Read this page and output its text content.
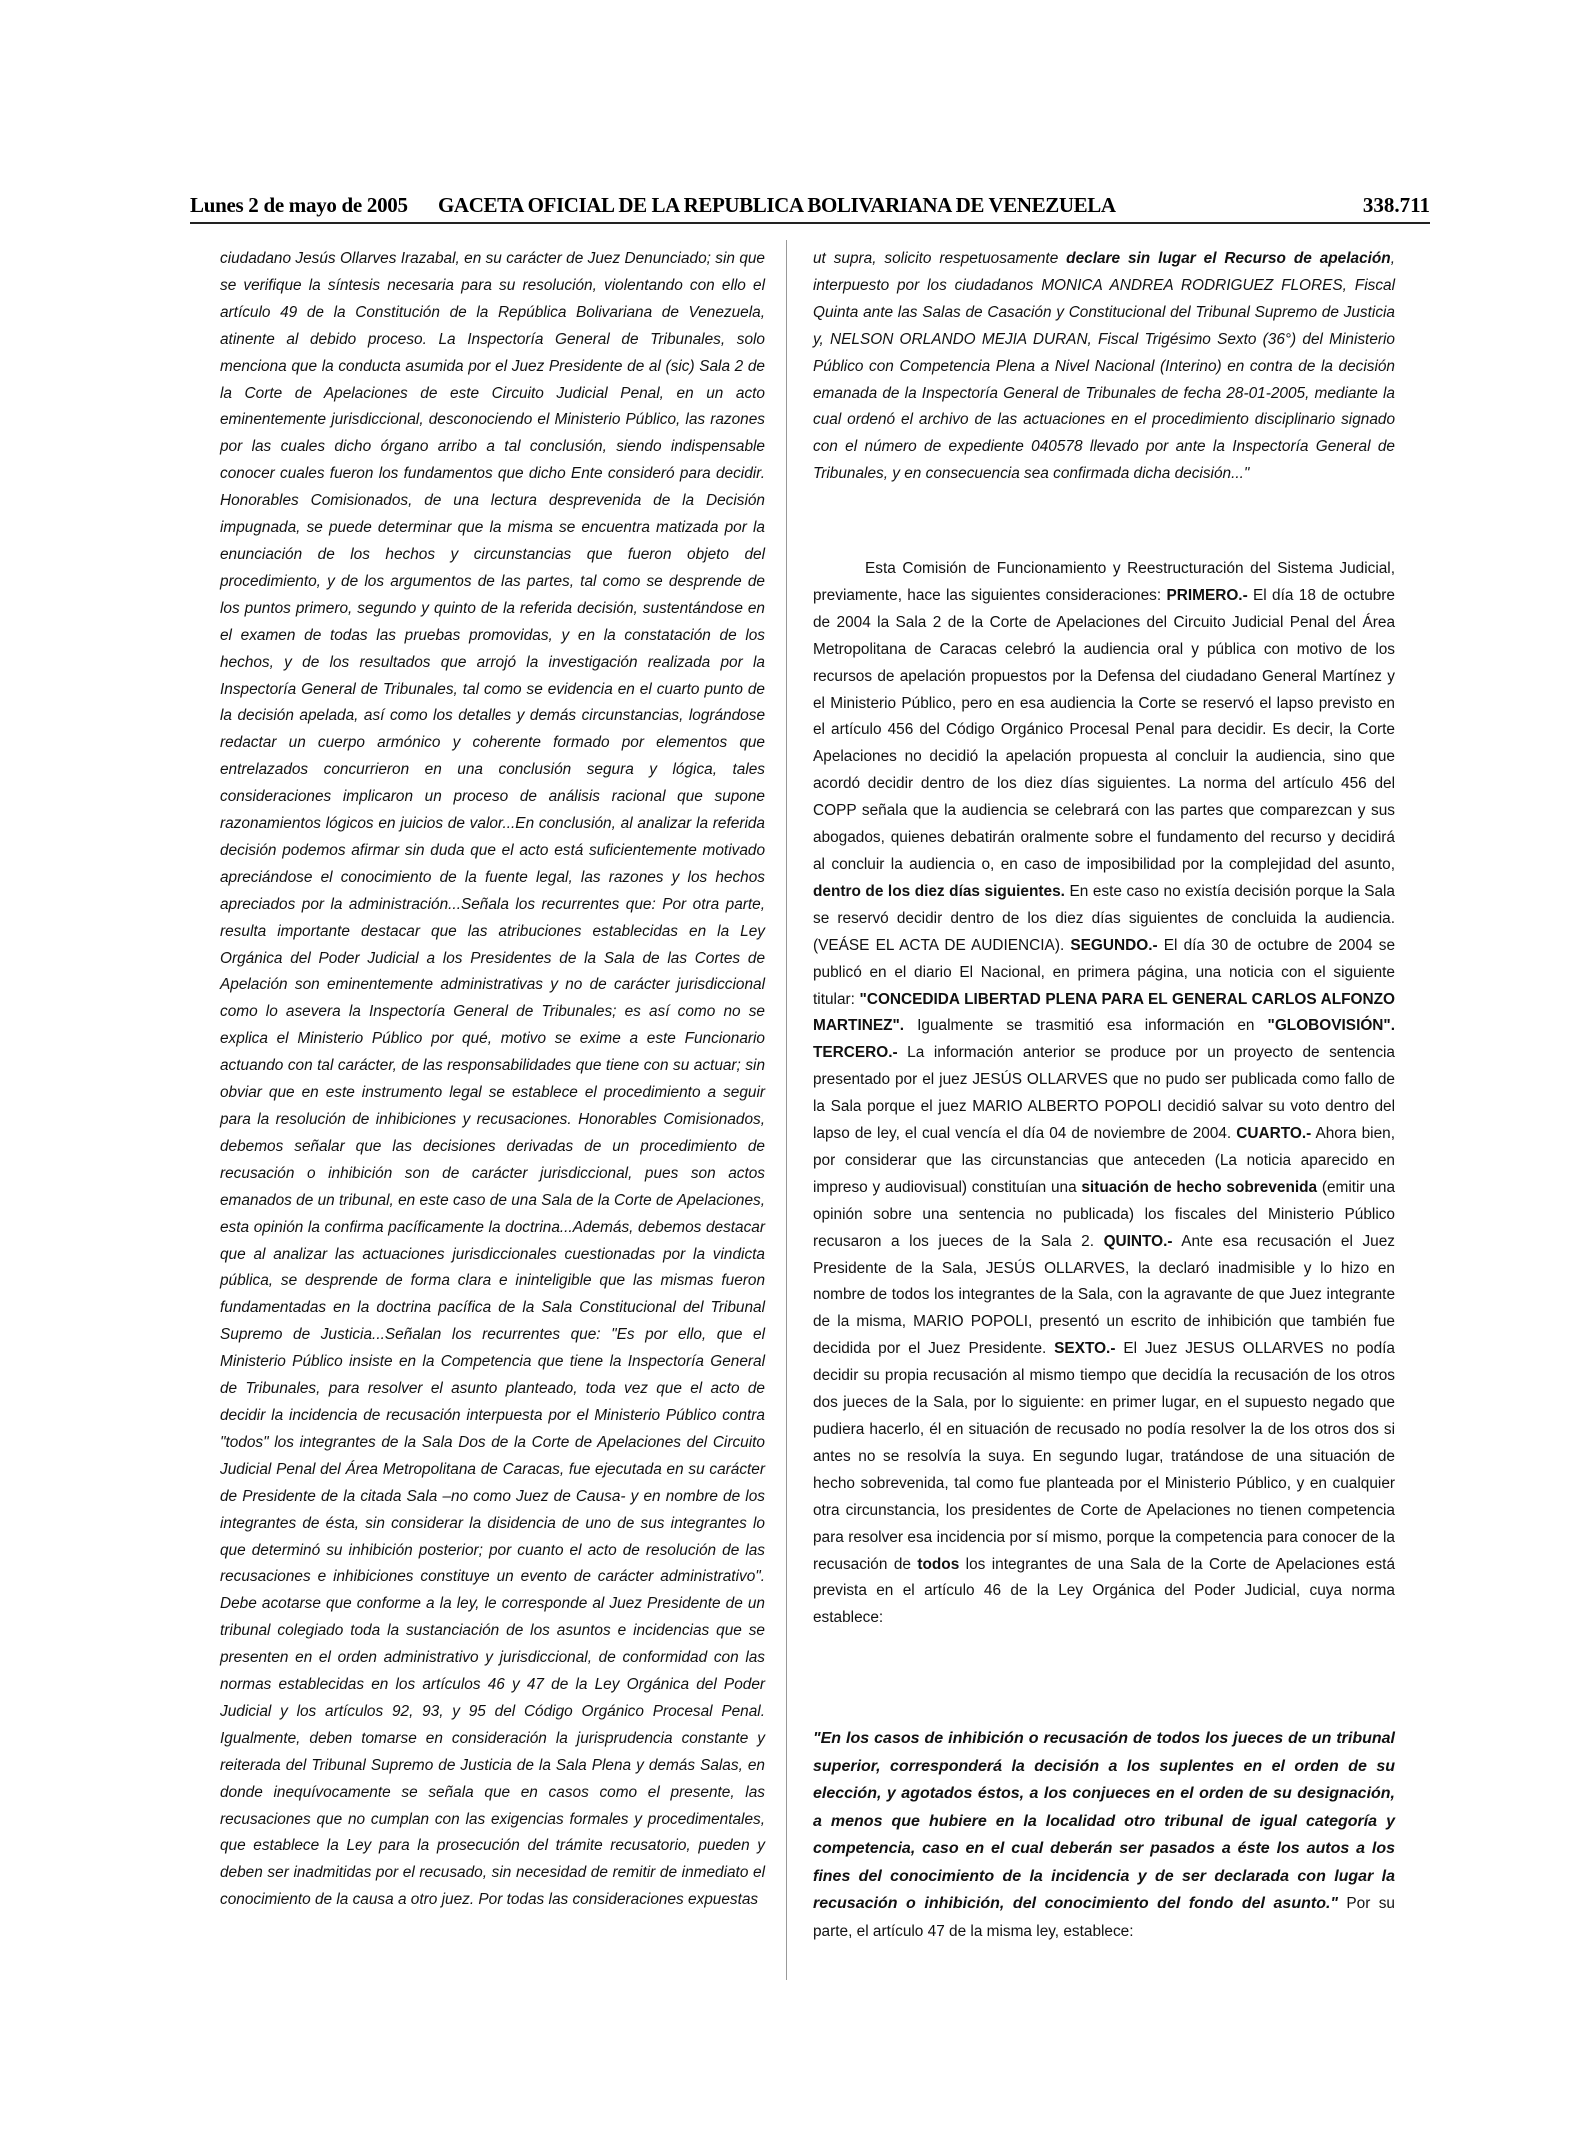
Lunes 2 de mayo de 2005 GACETA OFICIAL DE LA REPUBLICA BOLIVARIANA DE VENEZUELA	338.711

ciudadano Jesús Ollarves Irazabal, en su carácter de Juez Denunciado; sin que se verifique la síntesis necesaria para su resolución, violentando con ello el artículo 49 de la Constitución de la República Bolivariana de Venezuela, atinente al debido proceso. La Inspectoría General de Tribunales, solo menciona que la conducta asumida por el Juez Presidente de al (sic) Sala 2 de la Corte de Apelaciones de este Circuito Judicial Penal, en un acto eminentemente jurisdiccional, desconociendo el Ministerio Público, las razones por las cuales dicho órgano arribo a tal conclusión, siendo indispensable conocer cuales fueron los fundamentos que dicho Ente consideró para decidir. Honorables Comisionados, de una lectura desprevenida de la Decisión impugnada, se puede determinar que la misma se encuentra matizada por la enunciación de los hechos y circunstancias que fueron objeto del procedimiento, y de los argumentos de las partes, tal como se desprende de los puntos primero, segundo y quinto de la referida decisión, sustentándose en el examen de todas las pruebas promovidas, y en la constatación de los hechos, y de los resultados que arrojó la investigación realizada por la Inspectoría General de Tribunales, tal como se evidencia en el cuarto punto de la decisión apelada, así como los detalles y demás circunstancias, lográndose redactar un cuerpo armónico y coherente formado por elementos que entrelazados concurrieron en una conclusión segura y lógica, tales consideraciones implicaron un proceso de análisis racional que supone razonamientos lógicos en juicios de valor...En conclusión, al analizar la referida decisión podemos afirmar sin duda que el acto está suficientemente motivado apreciándose el conocimiento de la fuente legal, las razones y los hechos apreciados por la administración...Señala los recurrentes que: Por otra parte, resulta importante destacar que las atribuciones establecidas en la Ley Orgánica del Poder Judicial a los Presidentes de la Sala de las Cortes de Apelación son eminentemente administrativas y no de carácter jurisdiccional como lo asevera la Inspectoría General de Tribunales; es así como no se explica el Ministerio Público por qué, motivo se exime a este Funcionario actuando con tal carácter, de las responsabilidades que tiene con su actuar; sin obviar que en este instrumento legal se establece el procedimiento a seguir para la resolución de inhibiciones y recusaciones. Honorables Comisionados, debemos señalar que las decisiones derivadas de un procedimiento de recusación o inhibición son de carácter jurisdiccional, pues son actos emanados de un tribunal, en este caso de una Sala de la Corte de Apelaciones, esta opinión la confirma pacíficamente la doctrina...Además, debemos destacar que al analizar las actuaciones jurisdiccionales cuestionadas por la vindicta pública, se desprende de forma clara e ininteligible que las mismas fueron fundamentadas en la doctrina pacífica de la Sala Constitucional del Tribunal Supremo de Justicia...Señalan los recurrentes que: "Es por ello, que el Ministerio Público insiste en la Competencia que tiene la Inspectoría General de Tribunales, para resolver el asunto planteado, toda vez que el acto de decidir la incidencia de recusación interpuesta por el Ministerio Público contra "todos" los integrantes de la Sala Dos de la Corte de Apelaciones del Circuito Judicial Penal del Área Metropolitana de Caracas, fue ejecutada en su carácter de Presidente de la citada Sala –no como Juez de Causa- y en nombre de los integrantes de ésta, sin considerar la disidencia de uno de sus integrantes lo que determinó su inhibición posterior; por cuanto el acto de resolución de las recusaciones e inhibiciones constituye un evento de carácter administrativo". Debe acotarse que conforme a la ley, le corresponde al Juez Presidente de un tribunal colegiado toda la sustanciación de los asuntos e incidencias que se presenten en el orden administrativo y jurisdiccional, de conformidad con las normas establecidas en los artículos 46 y 47 de la Ley Orgánica del Poder Judicial y los artículos 92, 93, y 95 del Código Orgánico Procesal Penal. Igualmente, deben tomarse en consideración la jurisprudencia constante y reiterada del Tribunal Supremo de Justicia de la Sala Plena y demás Salas, en donde inequívocamente se señala que en casos como el presente, las recusaciones que no cumplan con las exigencias formales y procedimentales, que establece la Ley para la prosecución del trámite recusatorio, pueden y deben ser inadmitidas por el recusado, sin necesidad de remitir de inmediato el conocimiento de la causa a otro juez. Por todas las consideraciones expuestas

ut supra, solicito respetuosamente declare sin lugar el Recurso de apelación, interpuesto por los ciudadanos MONICA ANDREA RODRIGUEZ FLORES, Fiscal Quinta ante las Salas de Casación y Constitucional del Tribunal Supremo de Justicia y, NELSON ORLANDO MEJIA DURAN, Fiscal Trigésimo Sexto (36°) del Ministerio Público con Competencia Plena a Nivel Nacional (Interino) en contra de la decisión emanada de la Inspectoría General de Tribunales de fecha 28-01-2005, mediante la cual ordenó el archivo de las actuaciones en el procedimiento disciplinario signado con el número de expediente 040578 llevado por ante la Inspectoría General de Tribunales, y en consecuencia sea confirmada dicha decisión..."

Esta Comisión de Funcionamiento y Reestructuración del Sistema Judicial, previamente, hace las siguientes consideraciones: PRIMERO.- El día 18 de octubre de 2004 la Sala 2 de la Corte de Apelaciones del Circuito Judicial Penal del Área Metropolitana de Caracas celebró la audiencia oral y pública con motivo de los recursos de apelación propuestos por la Defensa del ciudadano General Martínez y el Ministerio Público, pero en esa audiencia la Corte se reservó el lapso previsto en el artículo 456 del Código Orgánico Procesal Penal para decidir. Es decir, la Corte Apelaciones no decidió la apelación propuesta al concluir la audiencia, sino que acordó decidir dentro de los diez días siguientes. La norma del artículo 456 del COPP señala que la audiencia se celebrará con las partes que comparezcan y sus abogados, quienes debatirán oralmente sobre el fundamento del recurso y decidirá al concluir la audiencia o, en caso de imposibilidad por la complejidad del asunto, dentro de los diez días siguientes. En este caso no existía decisión porque la Sala se reservó decidir dentro de los diez días siguientes de concluida la audiencia. (VEÁSE EL ACTA DE AUDIENCIA). SEGUNDO.- El día 30 de octubre de 2004 se publicó en el diario El Nacional, en primera página, una noticia con el siguiente titular: "CONCEDIDA LIBERTAD PLENA PARA EL GENERAL CARLOS ALFONZO MARTINEZ". Igualmente se trasmitió esa información en "GLOBOVISIÓN". TERCERO.- La información anterior se produce por un proyecto de sentencia presentado por el juez JESÚS OLLARVES que no pudo ser publicada como fallo de la Sala porque el juez MARIO ALBERTO POPOLI decidió salvar su voto dentro del lapso de ley, el cual vencía el día 04 de noviembre de 2004. CUARTO.- Ahora bien, por considerar que las circunstancias que anteceden (La noticia aparecido en impreso y audiovisual) constituían una situación de hecho sobrevenida (emitir una opinión sobre una sentencia no publicada) los fiscales del Ministerio Público recusaron a los jueces de la Sala 2. QUINTO.- Ante esa recusación el Juez Presidente de la Sala, JESÚS OLLARVES, la declaró inadmisible y lo hizo en nombre de todos los integrantes de la Sala, con la agravante de que Juez integrante de la misma, MARIO POPOLI, presentó un escrito de inhibición que también fue decidida por el Juez Presidente. SEXTO.- El Juez JESUS OLLARVES no podía decidir su propia recusación al mismo tiempo que decidía la recusación de los otros dos jueces de la Sala, por lo siguiente: en primer lugar, en el supuesto negado que pudiera hacerlo, él en situación de recusado no podía resolver la de los otros dos si antes no se resolvía la suya. En segundo lugar, tratándose de una situación de hecho sobrevenida, tal como fue planteada por el Ministerio Público, y en cualquier otra circunstancia, los presidentes de Corte de Apelaciones no tienen competencia para resolver esa incidencia por sí mismo, porque la competencia para conocer de la recusación de todos los integrantes de una Sala de la Corte de Apelaciones está prevista en el artículo 46 de la Ley Orgánica del Poder Judicial, cuya norma establece:

"En los casos de inhibición o recusación de todos los jueces de un tribunal superior, corresponderá la decisión a los suplentes en el orden de su elección, y agotados éstos, a los conjueces en el orden de su designación, a menos que hubiere en la localidad otro tribunal de igual categoría y competencia, caso en el cual deberán ser pasados a éste los autos a los fines del conocimiento de la incidencia y de ser declarada con lugar la recusación o inhibición, del conocimiento del fondo del asunto." Por su parte, el artículo 47 de la misma ley, establece:
